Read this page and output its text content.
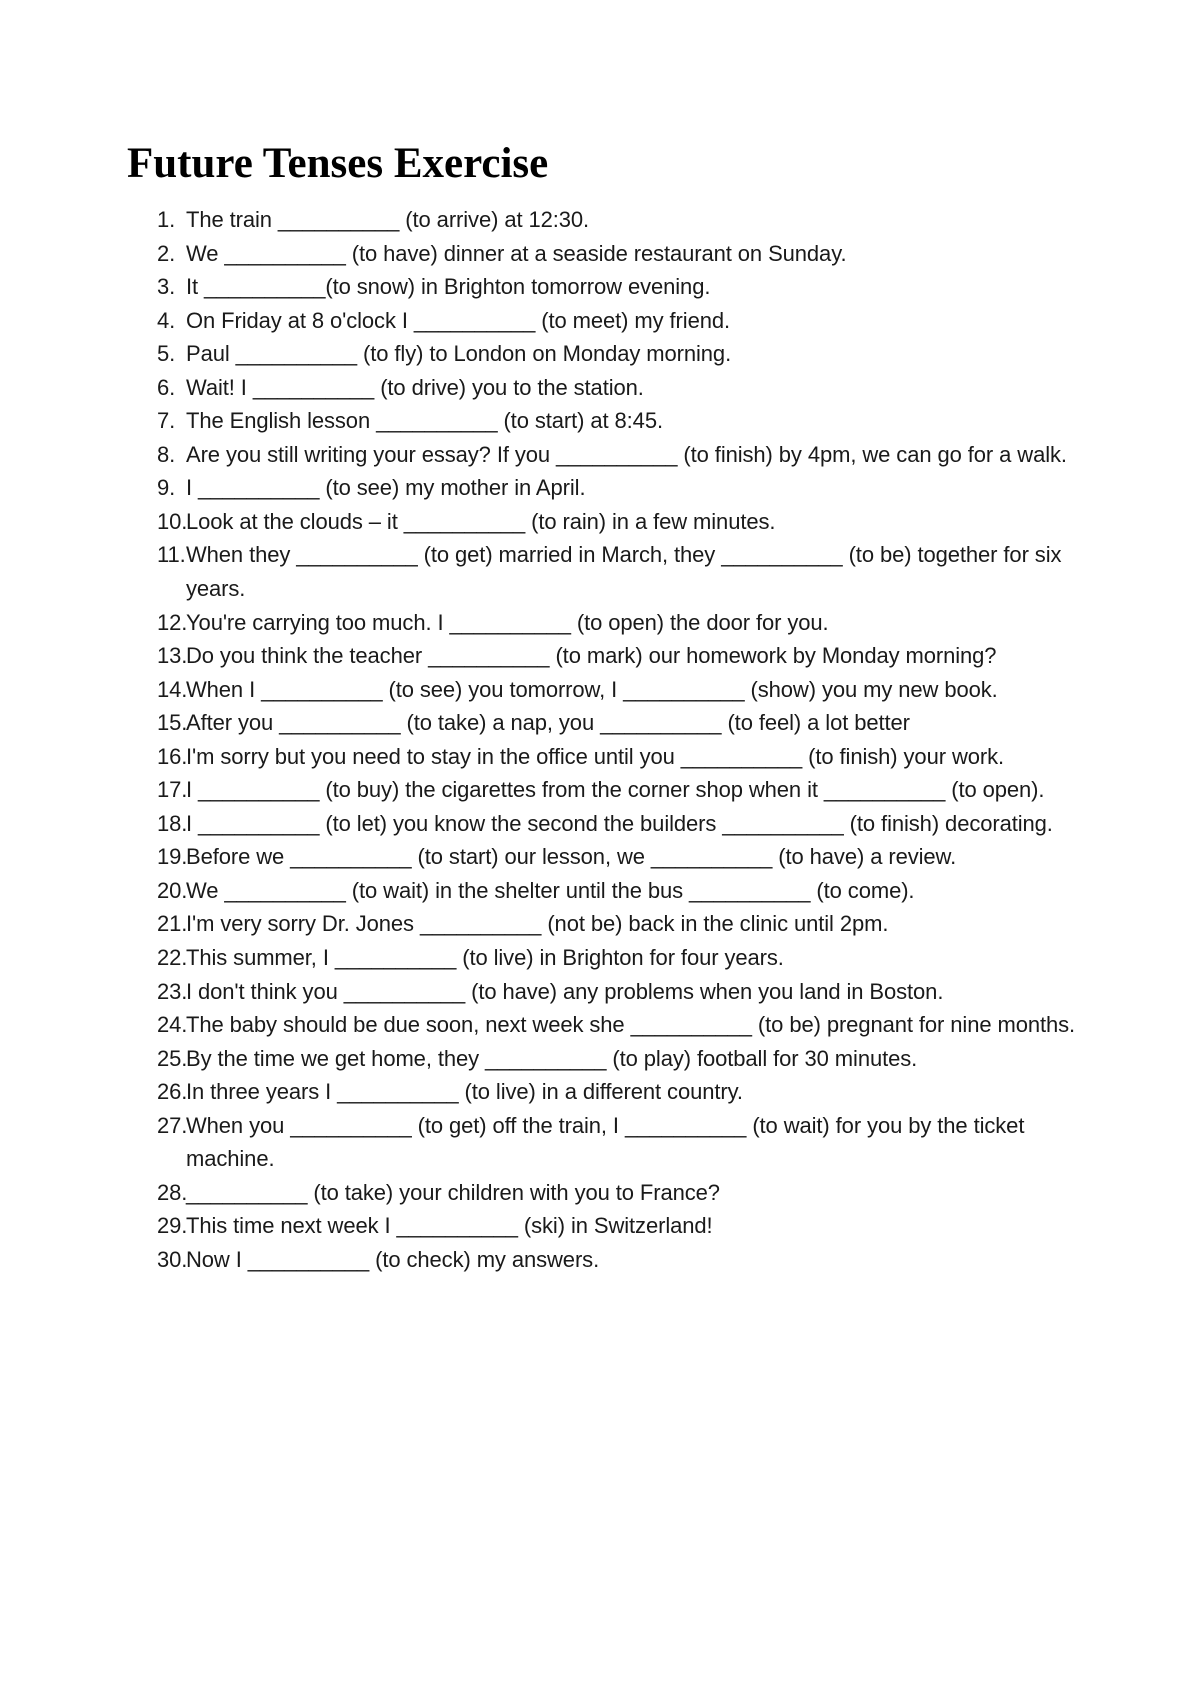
Future Tenses Exercise
1. The train __________ (to arrive) at 12:30.
2. We __________ (to have) dinner at a seaside restaurant on Sunday.
3. It __________(to snow) in Brighton tomorrow evening.
4. On Friday at 8 o'clock I __________ (to meet) my friend.
5. Paul __________ (to fly) to London on Monday morning.
6. Wait! I __________ (to drive) you to the station.
7. The English lesson __________ (to start) at 8:45.
8. Are you still writing your essay? If you __________ (to finish) by 4pm, we can go for a walk.
9. I __________ (to see) my mother in April.
10.
Look at the clouds – it __________ (to rain) in a few minutes.
11. When they __________ (to get) married in March, they __________ (to be) together for six years.
12.
You're carrying too much. I __________ (to open) the door for you.
13.
Do you think the teacher __________ (to mark) our homework by Monday morning?
14.
When I __________ (to see) you tomorrow, I __________ (show) you my new book.
15.
After you __________ (to take) a nap, you __________ (to feel) a lot better
16.
I'm sorry but you need to stay in the office until you __________ (to finish) your work.
17.
I __________ (to buy) the cigarettes from the corner shop when it __________ (to open).
18.
I __________ (to let) you know the second the builders __________ (to finish) decorating.
19.
Before we __________ (to start) our lesson, we __________ (to have) a review.
20.
We __________ (to wait) in the shelter until the bus __________ (to come).
21.
I'm very sorry Dr. Jones __________ (not be) back in the clinic until 2pm.
22.
This summer, I __________ (to live) in Brighton for four years.
23.
I don't think you __________ (to have) any problems when you land in Boston.
24.
The baby should be due soon, next week she __________ (to be) pregnant for nine months.
25.
By the time we get home, they __________ (to play) football for 30 minutes.
26.
In three years I __________ (to live) in a different country.
27.
When you __________ (to get) off the train, I __________ (to wait) for you by the ticket machine.
28.
__________ (to take) your children with you to France?
29.
This time next week I __________ (ski) in Switzerland!
30.
Now I __________ (to check) my answers.
